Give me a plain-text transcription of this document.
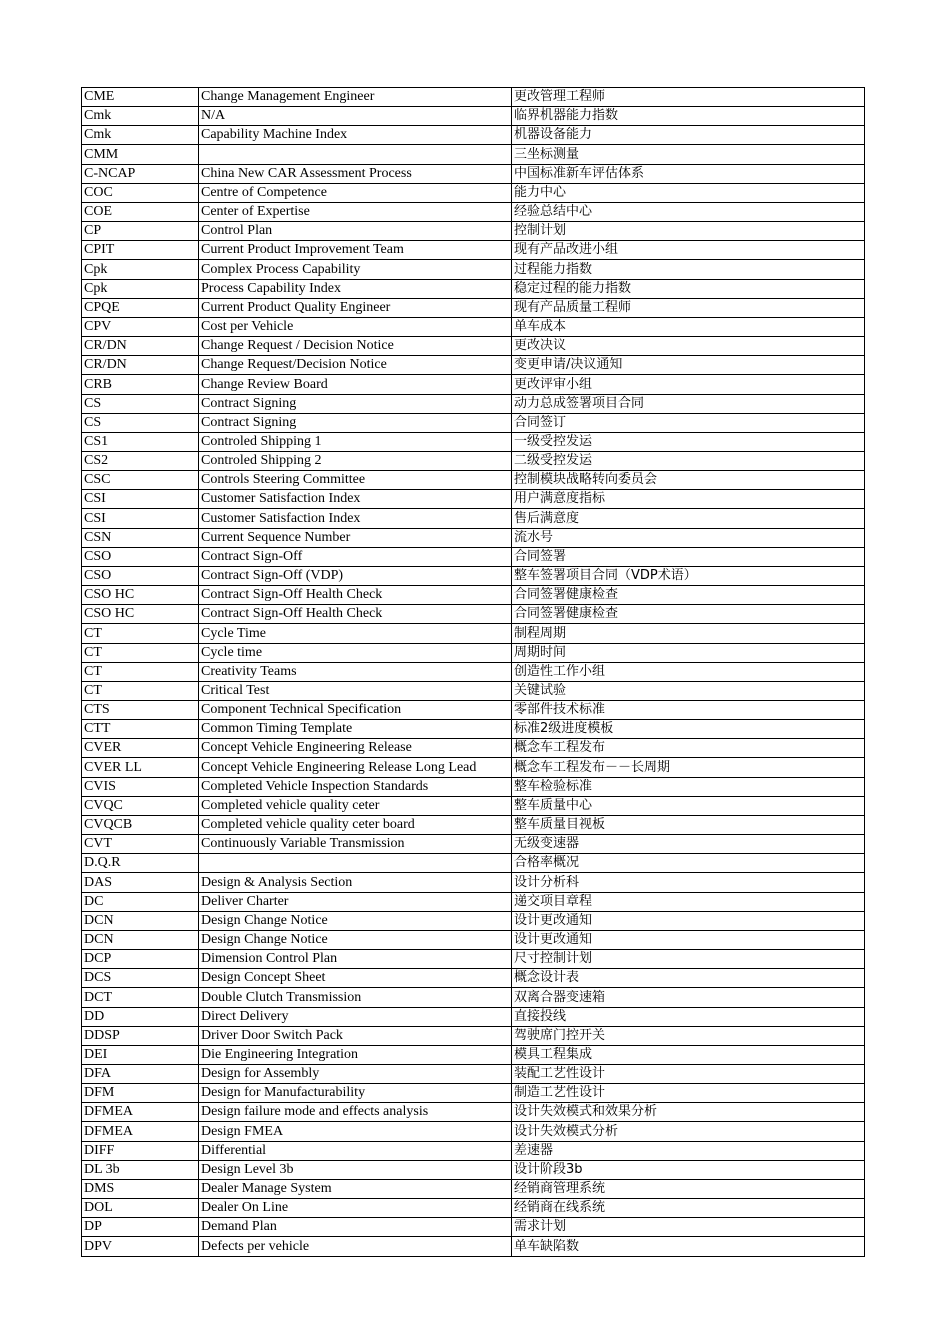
CME	Change Management Engineer	更改管理工程师
Cmk	N/A	临界机器能力指数
Cmk	Capability Machine Index	机器设备能力
CMM		三坐标测量
C-NCAP	China New CAR Assessment Process	中国标准新车评估体系
COC	Centre of Competence	能力中心
COE	Center of Expertise	经验总结中心
CP	Control Plan	控制计划
CPIT	Current Product Improvement Team	现有产品改进小组
Cpk	Complex Process Capability	过程能力指数
Cpk	Process Capability Index	稳定过程的能力指数
CPQE	Current Product Quality Engineer	现有产品质量工程师
CPV	Cost per Vehicle	单车成本
CR/DN	Change Request / Decision Notice	更改决议
CR/DN	Change Request/Decision Notice	变更申请/决议通知
CRB	Change Review Board	更改评审小组
CS	Contract Signing	动力总成签署项目合同
CS	Contract Signing	合同签订
CS1	Controled Shipping 1	一级受控发运
CS2	Controled Shipping 2	二级受控发运
CSC	Controls Steering Committee	控制模块战略转向委员会
CSI	Customer Satisfaction Index	用户满意度指标
CSI	Customer Satisfaction Index	售后满意度
CSN	Current Sequence Number	流水号
CSO	Contract Sign-Off	合同签署
CSO	Contract Sign-Off (VDP)	整车签署项目合同（VDP术语）
CSO HC	Contract Sign-Off Health Check	合同签署健康检查
CSO HC	Contract Sign-Off Health Check	合同签署健康检查
CT	Cycle Time	制程周期
CT	Cycle time	周期时间
CT	Creativity Teams	创造性工作小组
CT	Critical Test	关键试验
CTS	Component Technical Specification	零部件技术标准
CTT	Common Timing Template	标准2级进度模板
CVER	Concept Vehicle Engineering Release	概念车工程发布
CVER LL	Concept Vehicle Engineering Release Long Lead	概念车工程发布－－长周期
CVIS	Completed Vehicle Inspection Standards	整车检验标准
CVQC	Completed vehicle quality ceter	整车质量中心
CVQCB	Completed vehicle quality ceter board	整车质量目视板
CVT	Continuously Variable Transmission	无级变速器
D.Q.R		合格率概况
DAS	Design & Analysis Section	设计分析科
DC	Deliver Charter	递交项目章程
DCN	Design Change Notice	设计更改通知
DCN	Design Change Notice	设计更改通知
DCP	Dimension Control Plan	尺寸控制计划
DCS	Design Concept Sheet	概念设计表
DCT	Double Clutch Transmission	双离合器变速箱
DD	Direct Delivery	直接投线
DDSP	Driver Door Switch Pack	驾驶席门控开关
DEI	Die Engineering Integration	模具工程集成
DFA	Design for Assembly	装配工艺性设计
DFM	Design for Manufacturability	制造工艺性设计
DFMEA	Design failure mode and effects analysis	设计失效模式和效果分析
DFMEA	Design FMEA	设计失效模式分析
DIFF	Differential	差速器
DL 3b	Design Level 3b	设计阶段3b
DMS	Dealer Manage System	经销商管理系统
DOL	Dealer On Line	经销商在线系统
DP	Demand Plan	需求计划
DPV	Defects per vehicle	单车缺陷数
